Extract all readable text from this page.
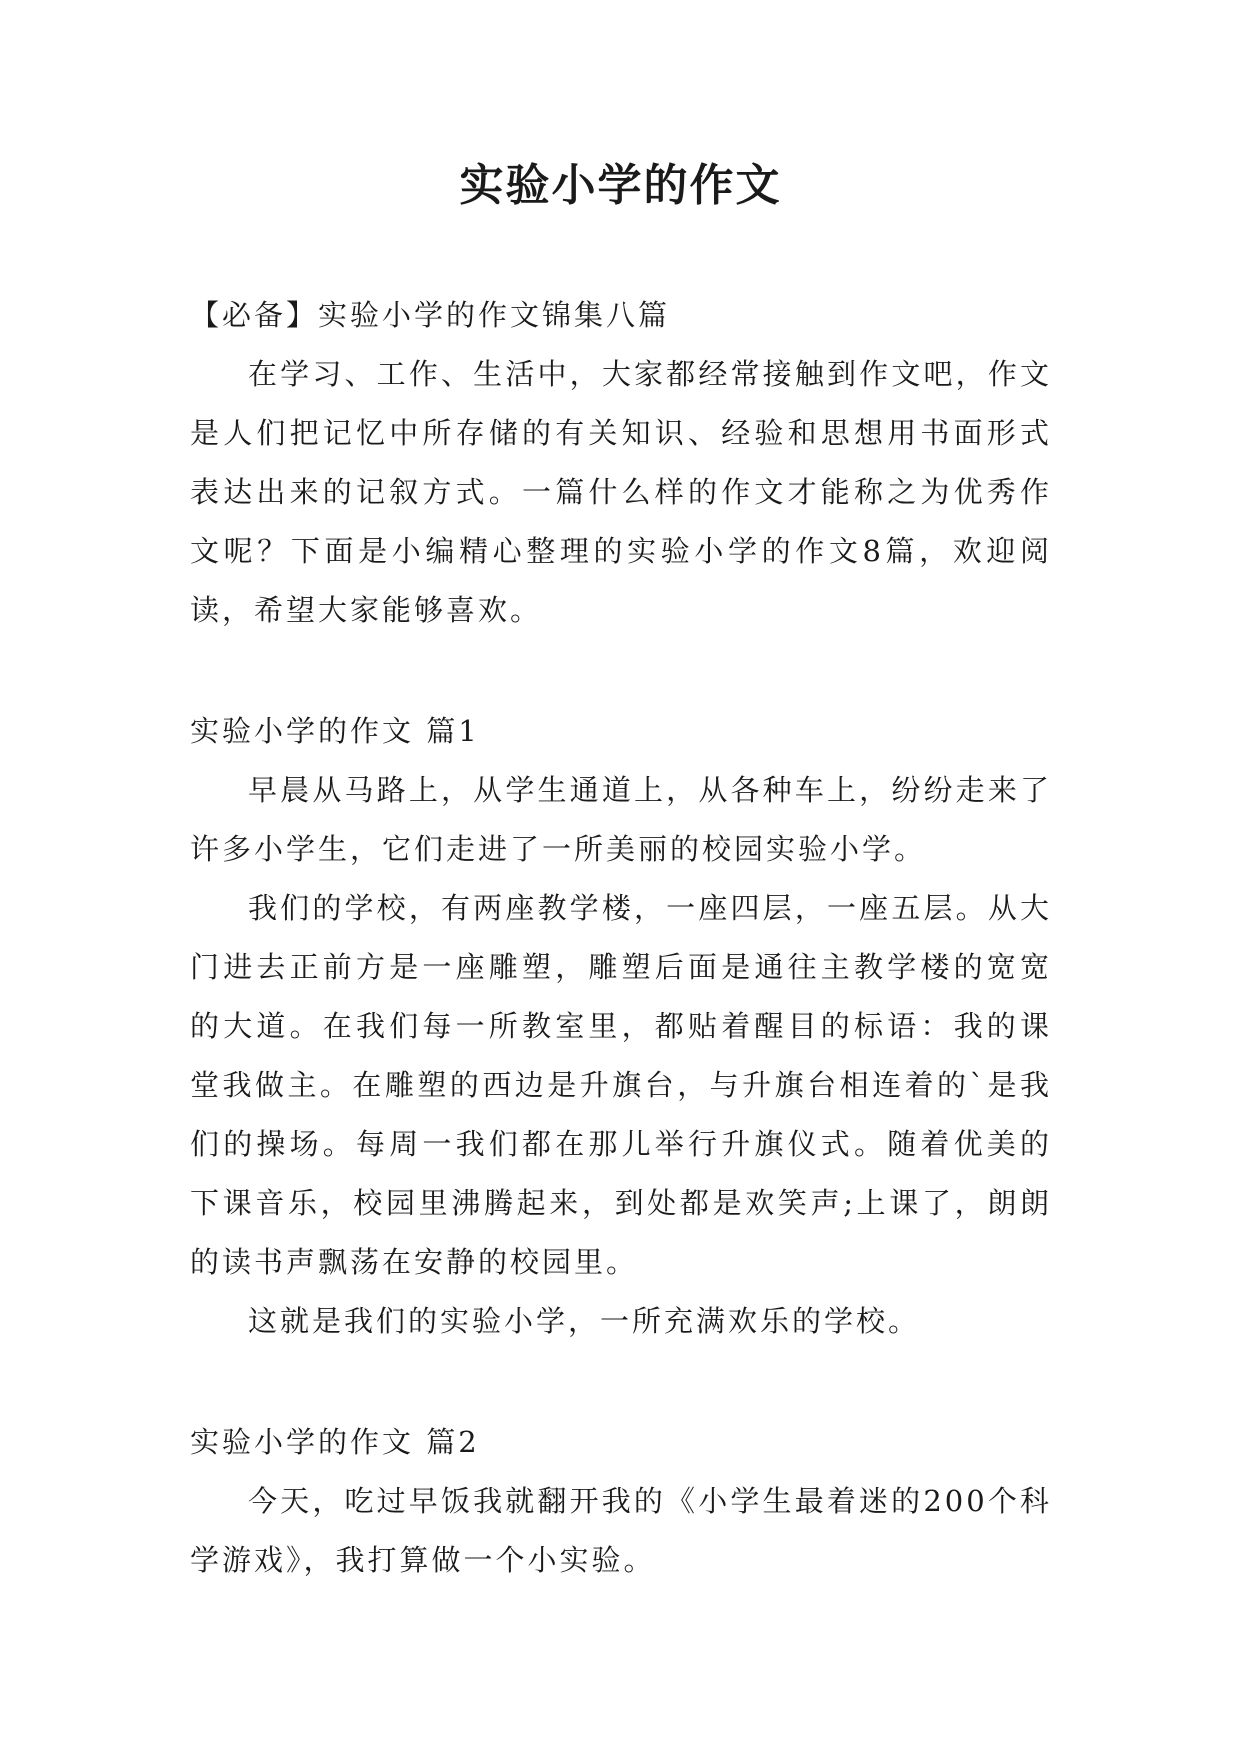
实验小学的作文

【必备】实验小学的作文锦集八篇

在学习、工作、生活中，大家都经常接触到作文吧，作文是人们把记忆中所存储的有关知识、经验和思想用书面形式表达出来的记叙方式。一篇什么样的作文才能称之为优秀作文呢？下面是小编精心整理的实验小学的作文8篇，欢迎阅读，希望大家能够喜欢。

实验小学的作文 篇1

早晨从马路上，从学生通道上，从各种车上，纷纷走来了许多小学生，它们走进了一所美丽的校园实验小学。

我们的学校，有两座教学楼，一座四层，一座五层。从大门进去正前方是一座雕塑，雕塑后面是通往主教学楼的宽宽的大道。在我们每一所教室里，都贴着醒目的标语：我的课堂我做主。在雕塑的西边是升旗台，与升旗台相连着的`是我们的操场。每周一我们都在那儿举行升旗仪式。随着优美的下课音乐，校园里沸腾起来，到处都是欢笑声;上课了，朗朗的读书声飘荡在安静的校园里。

这就是我们的实验小学，一所充满欢乐的学校。

实验小学的作文 篇2

今天，吃过早饭我就翻开我的《小学生最着迷的200个科学游戏》，我打算做一个小实验。
